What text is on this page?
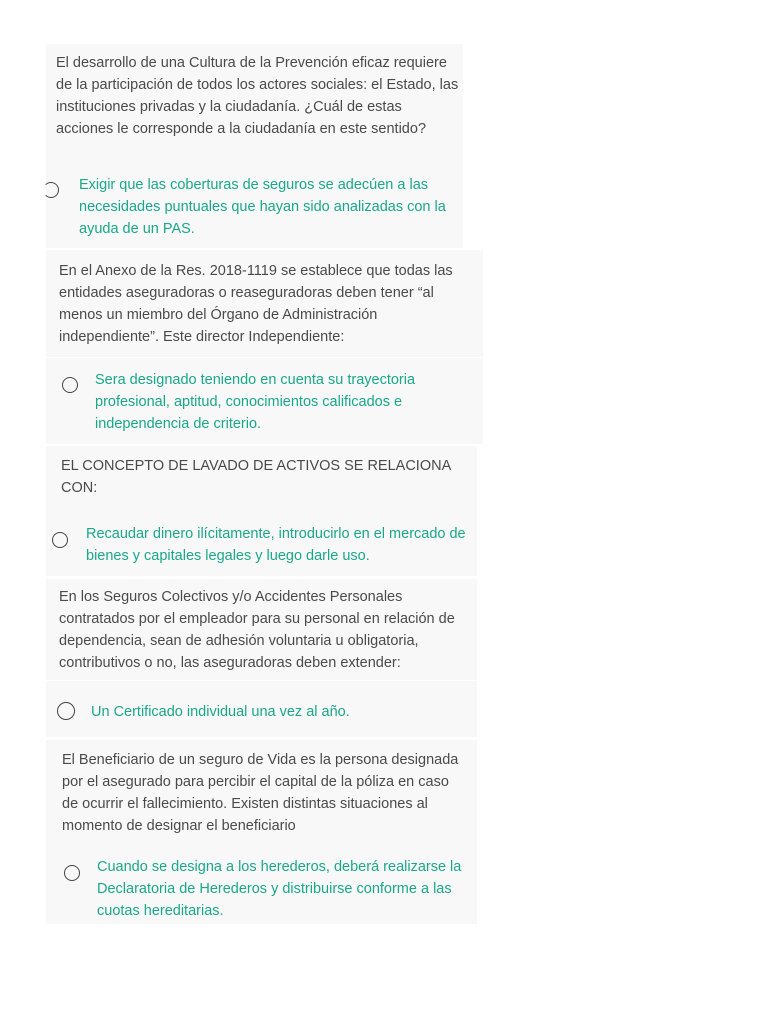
El desarrollo de una Cultura de la Prevención eficaz requiere de la participación de todos los actores sociales: el Estado, las instituciones privadas y la ciudadanía. ¿Cuál de estas acciones le corresponde a la ciudadanía en este sentido?

Exigir que las coberturas de seguros se adecúen a las necesidades puntuales que hayan sido analizadas con la ayuda de un PAS.

En el Anexo de la Res. 2018-1119 se establece que todas las entidades aseguradoras o reaseguradoras deben tener “al menos un miembro del Órgano de Administración independiente”. Este director Independiente:

Sera designado teniendo en cuenta su trayectoria profesional, aptitud, conocimientos calificados e independencia de criterio.

EL CONCEPTO DE LAVADO DE ACTIVOS SE RELACIONA CON:

Recaudar dinero ilícitamente, introducirlo en el mercado de bienes y capitales legales y luego darle uso.

En los Seguros Colectivos y/o Accidentes Personales contratados por el empleador para su personal en relación de dependencia, sean de adhesión voluntaria u obligatoria, contributivos o no, las aseguradoras deben extender:

Un Certificado individual una vez al año.

El Beneficiario de un seguro de Vida es la persona designada por el asegurado para percibir el capital de la póliza en caso de ocurrir el fallecimiento. Existen distintas situaciones al momento de designar el beneficiario

Cuando se designa a los herederos, deberá realizarse la Declaratoria de Herederos y distribuirse conforme a las cuotas hereditarias.
